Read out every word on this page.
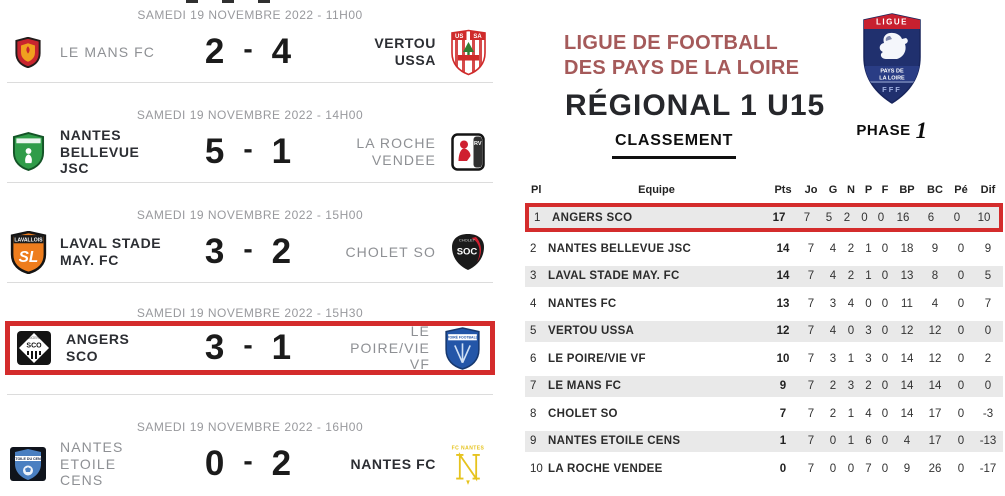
SAMEDI 19 NOVEMBRE 2022 - 11H00
LE MANS FC 2 - 4	VERTOU USSA
US SA
SAMEDI 19 NOVEMBRE 2022 - 14H00
NANTES BELLEVUE JSC	5 - 1	LA ROCHE VENDEE
RV
SAMEDI 19 NOVEMBRE 2022 - 15H00
LAVALLOIS
SL
LAVAL STADE MAY. FC	3 - 2	CHOLET SO
CHOLET
SOC
SAMEDI 19 NOVEMBRE 2022 - 15H30
ANGERS
SCO ANGERS SCO	3 - 1	LE POIRE/VIE VF
POIRÉ FOOTBALL
SAMEDI 19 NOVEMBRE 2022 - 16H00
ETOILE DU CENS
NANTES ETOILE CENS	0 - 2	NANTES FC
FC NANTES
LIGUE DE FOOTBALL
DES PAYS DE LA LOIRE
RÉGIONAL 1 U15
CLASSEMENT
LIGUE
PAYS DE
LA LOIRE
FFF
PHASE 1
Pl	Equipe	Pts	Jo	G N P F	BP	BC	Pé	Dif
1	ANGERS SCO	17	7	5	2 0 0	16	6	0	10
2	NANTES BELLEVUE JSC	14	7	4	2 1 0	18	9	0	9
3	LAVAL STADE MAY. FC	14	7	4	2 1 0	13	8	0	5
4	NANTES FC	13	7	3	4 0 0	11	4	0	7
5	VERTOU USSA	12	7	4	0 3 0	12	12	0	0
6	LE POIRE/VIE VF	10	7	3	1 3 0	14	12	0	2
7	LE MANS FC	9	7	2	3 2 0	14	14	0	0
8	CHOLET SO	7	7	2	1 4 0	14	17	0	-3
9	NANTES ETOILE CENS	1	7	0	1 6 0	4	17	0	-13
10 LA ROCHE VENDEE	0	7	0	0 7 0	9	26	0	-17
